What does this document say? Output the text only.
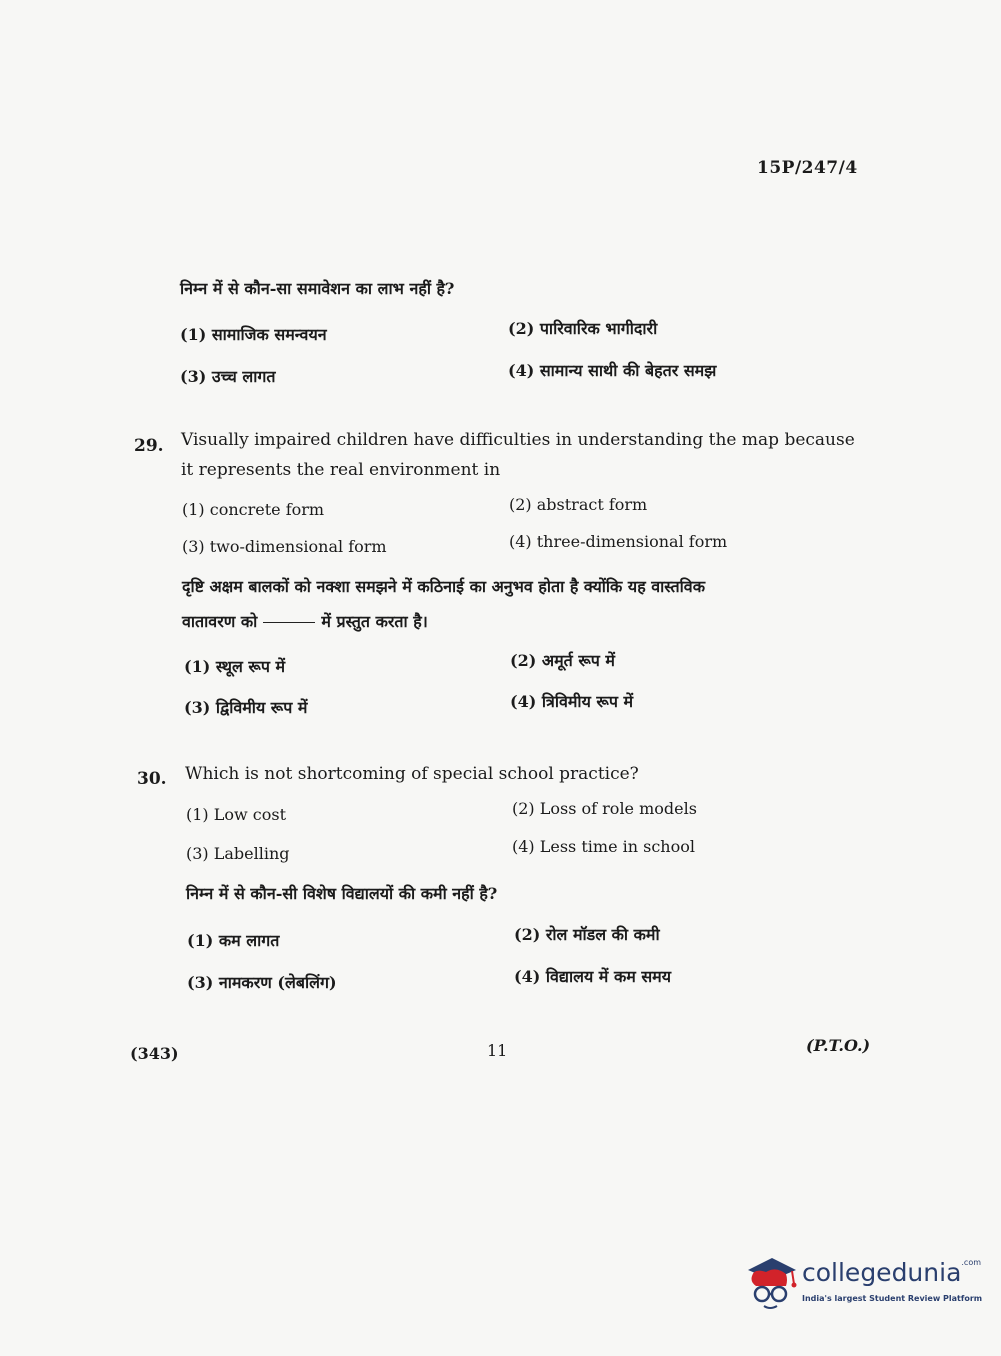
15P/247/4
निम्न में से कौन-सा समावेशन का लाभ नहीं है?
(1) सामाजिक समन्वयन	(2) पारिवारिक भागीदारी
(3) उच्च लागत	(4) सामान्य साथी की बेहतर समझ
29. Visually impaired children have difficulties in understanding the map because
it represents the real environment in
(1) concrete form	(2) abstract form
(3) two-dimensional form	(4) three-dimensional form
दृष्टि अक्षम बालकों को नक्शा समझने में कठिनाई का अनुभव होता है क्योंकि यह वास्तविक
वातावरण को	में प्रस्तुत करता है।
(1) स्थूल रूप में	(2) अमूर्त रूप में
(3) द्विविमीय रूप में	(4) त्रिविमीय रूप में
30. Which is not shortcoming of special school practice?
(1) Low cost	(2) Loss of role models
(3) Labelling	(4) Less time in school
निम्न में से कौन-सी विशेष विद्यालयों की कमी नहीं है?
(1) कम लागत	(2) रोल मॉडल की कमी
(3) नामकरण (लेबलिंग)	(4) विद्यालय में कम समय
(343)	11	(P.T.O.)
collegedunia$^{.com}$
India's largest Student Review Platform
